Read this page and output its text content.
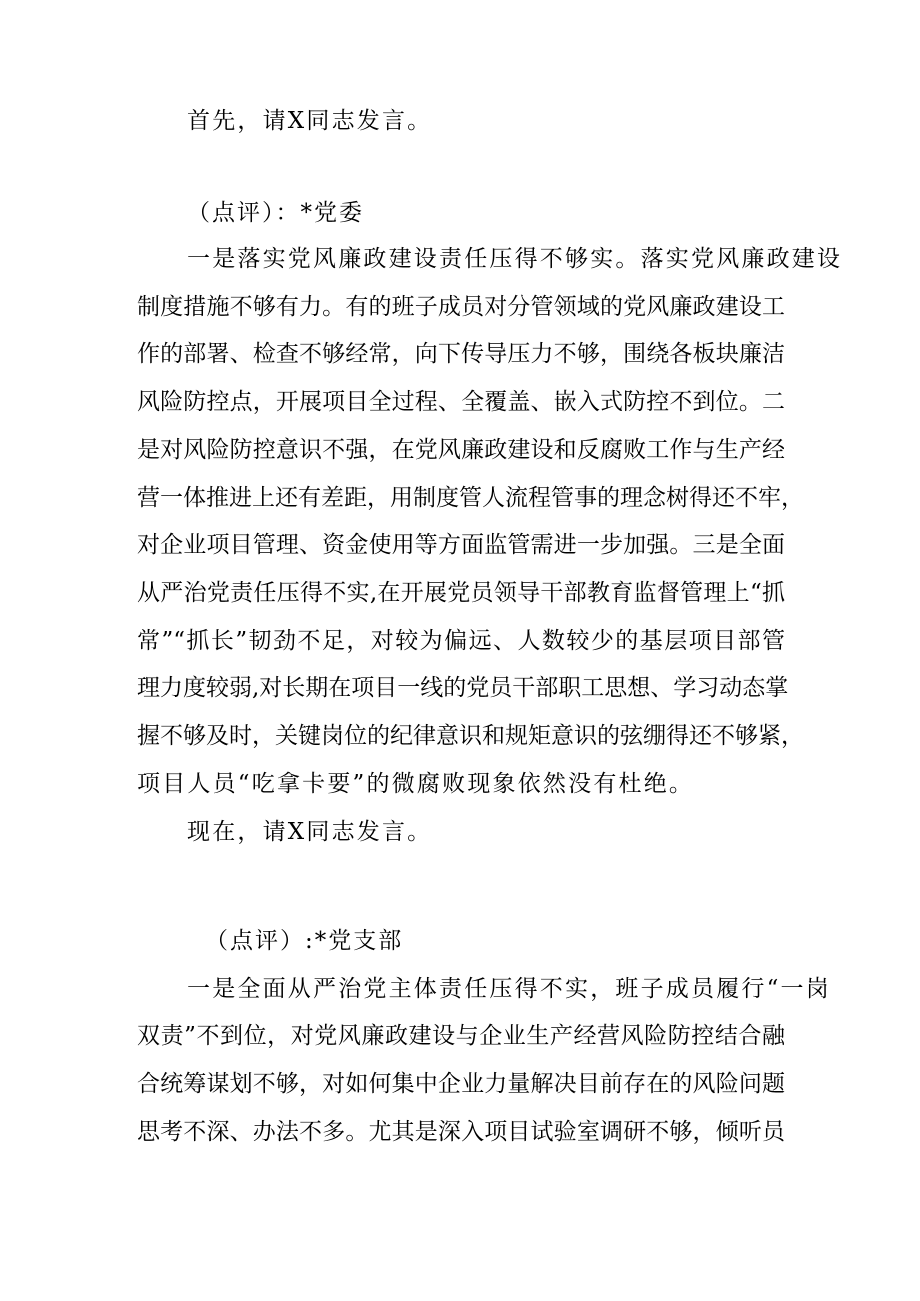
首先，请X同志发言。

（点评）：*党委

一是落实党风廉政建设责任压得不够实。落实党风廉政建设

制度措施不够有力。有的班子成员对分管领域的党风廉政建设工

作的部署、检查不够经常，向下传导压力不够，围绕各板块廉洁

风险防控点，开展项目全过程、全覆盖、嵌入式防控不到位。二

是对风险防控意识不强，在党风廉政建设和反腐败工作与生产经

营一体推进上还有差距，用制度管人流程管事的理念树得还不牢，

对企业项目管理、资金使用等方面监管需进一步加强。三是全面

从严治党责任压得不实,在开展党员领导干部教育监督管理上“抓

常”“抓长”韧劲不足，对较为偏远、人数较少的基层项目部管

理力度较弱,对长期在项目一线的党员干部职工思想、学习动态掌

握不够及时，关键岗位的纪律意识和规矩意识的弦绷得还不够紧，

项目人员“吃拿卡要”的微腐败现象依然没有杜绝。

现在，请X同志发言。

（点评）:*党支部

一是全面从严治党主体责任压得不实，班子成员履行“一岗

双责”不到位，对党风廉政建设与企业生产经营风险防控结合融

合统筹谋划不够，对如何集中企业力量解决目前存在的风险问题

思考不深、办法不多。尤其是深入项目试验室调研不够，倾听员
